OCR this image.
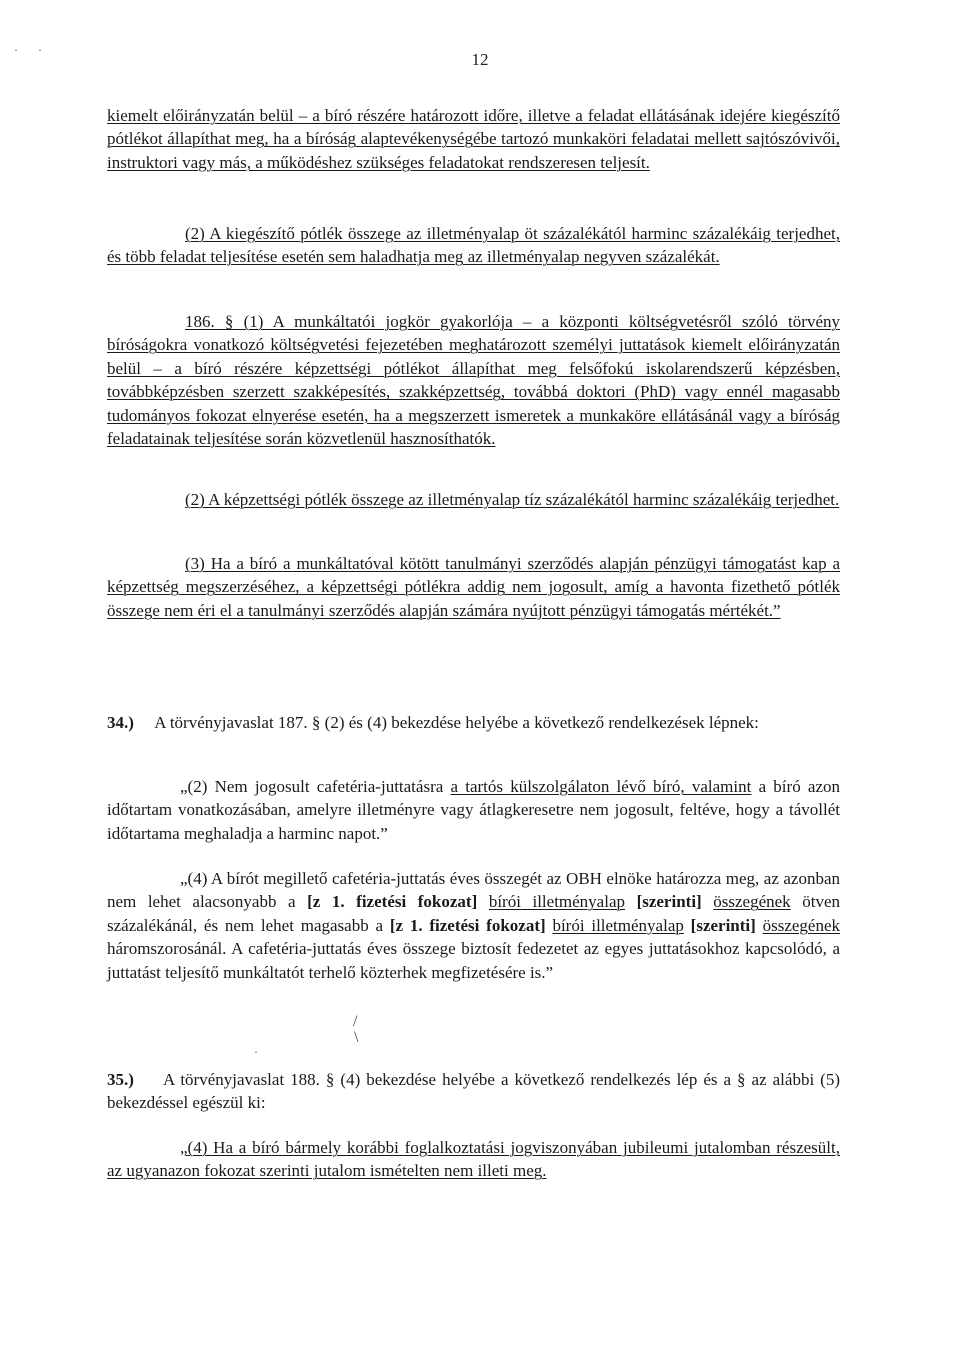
· ·	12

kiemelt előirányzatán belül – a bíró részére határozott időre, illetve a feladat ellátásának idejére kiegészítő pótlékot állapíthat meg, ha a bíróság alaptevékenységébe tartozó munkaköri feladatai mellett sajtószóvivői, instruktori vagy más, a működéshez szükséges feladatokat rendszeresen teljesít.

(2) A kiegészítő pótlék összege az illetményalap öt százalékától harminc százalékáig terjedhet, és több feladat teljesítése esetén sem haladhatja meg az illetményalap negyven százalékát.

186. § (1) A munkáltatói jogkör gyakorlója – a központi költségvetésről szóló törvény bíróságokra vonatkozó költségvetési fejezetében meghatározott személyi juttatások kiemelt előirányzatán belül – a bíró részére képzettségi pótlékot állapíthat meg felsőfokú iskolarendszerű képzésben, továbbképzésben szerzett szakképesítés, szakképzettség, továbbá doktori (PhD) vagy ennél magasabb tudományos fokozat elnyerése esetén, ha a megszerzett ismeretek a munkaköre ellátásánál vagy a bíróság feladatainak teljesítése során közvetlenül hasznosíthatók.

(2) A képzettségi pótlék összege az illetményalap tíz százalékától harminc százalékáig terjedhet.

(3) Ha a bíró a munkáltatóval kötött tanulmányi szerződés alapján pénzügyi támogatást kap a képzettség megszerzéséhez, a képzettségi pótlékra addig nem jogosult, amíg a havonta fizethető pótlék összege nem éri el a tanulmányi szerződés alapján számára nyújtott pénzügyi támogatás mértékét.”

34.) A törvényjavaslat 187. § (2) és (4) bekezdése helyébe a következő rendelkezések lépnek:

„(2) Nem jogosult cafetéria-juttatásra a tartós külszolgálaton lévő bíró, valamint a bíró azon időtartam vonatkozásában, amelyre illetményre vagy átlagkeresetre nem jogosult, feltéve, hogy a távollét időtartama meghaladja a harminc napot.”

„(4) A bírót megillető cafetéria-juttatás éves összegét az OBH elnöke határozza meg, az azonban nem lehet alacsonyabb a [z 1. fizetési fokozat] bírói illetményalap [szerinti] összegének ötven százalékánál, és nem lehet magasabb a [z 1. fizetési fokozat] bírói illetményalap [szerinti] összegének háromszorosánál. A cafetéria-juttatás éves összege biztosít fedezetet az egyes juttatásokhoz kapcsolódó, a juttatást teljesítő munkáltatót terhelő közterhek megfizetésére is.”

/
\
·

35.) A törvényjavaslat 188. § (4) bekezdése helyébe a következő rendelkezés lép és a § az alábbi (5) bekezdéssel egészül ki:

„(4) Ha a bíró bármely korábbi foglalkoztatási jogviszonyában jubileumi jutalomban részesült, az ugyanazon fokozat szerinti jutalom ismételten nem illeti meg.
